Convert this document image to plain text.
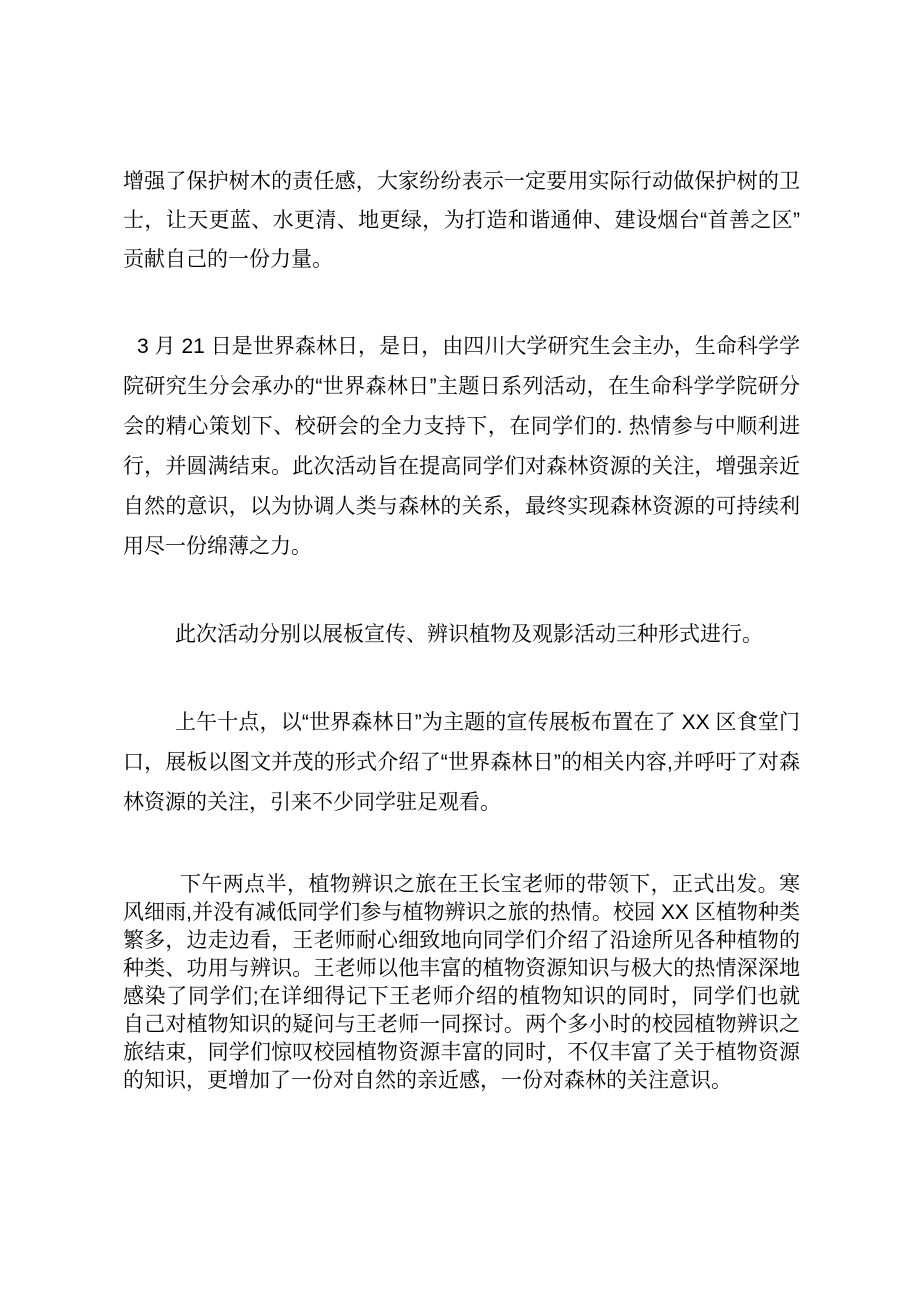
增强了保护树木的责任感，大家纷纷表示一定要用实际行动做保护树的卫士，让天更蓝、水更清、地更绿，为打造和谐通伸、建设烟台“首善之区”贡献自己的一份力量。

3 月 21 日是世界森林日，是日，由四川大学研究生会主办，生命科学学院研究生分会承办的“世界森林日”主题日系列活动，在生命科学学院研分会的精心策划下、校研会的全力支持下，在同学们的. 热情参与中顺利进行，并圆满结束。此次活动旨在提高同学们对森林资源的关注，增强亲近自然的意识，以为协调人类与森林的关系，最终实现森林资源的可持续利用尽一份绵薄之力。

此次活动分别以展板宣传、辨识植物及观影活动三种形式进行。

上午十点，以“世界森林日”为主题的宣传展板布置在了 XX 区食堂门口，展板以图文并茂的形式介绍了“世界森林日”的相关内容,并呼吁了对森林资源的关注，引来不少同学驻足观看。

下午两点半，植物辨识之旅在王长宝老师的带领下，正式出发。寒风细雨,并没有减低同学们参与植物辨识之旅的热情。校园 XX 区植物种类繁多，边走边看，王老师耐心细致地向同学们介绍了沿途所见各种植物的种类、功用与辨识。王老师以他丰富的植物资源知识与极大的热情深深地感染了同学们;在详细得记下王老师介绍的植物知识的同时，同学们也就自己对植物知识的疑问与王老师一同探讨。两个多小时的校园植物辨识之旅结束，同学们惊叹校园植物资源丰富的同时，不仅丰富了关于植物资源的知识，更增加了一份对自然的亲近感，一份对森林的关注意识。
